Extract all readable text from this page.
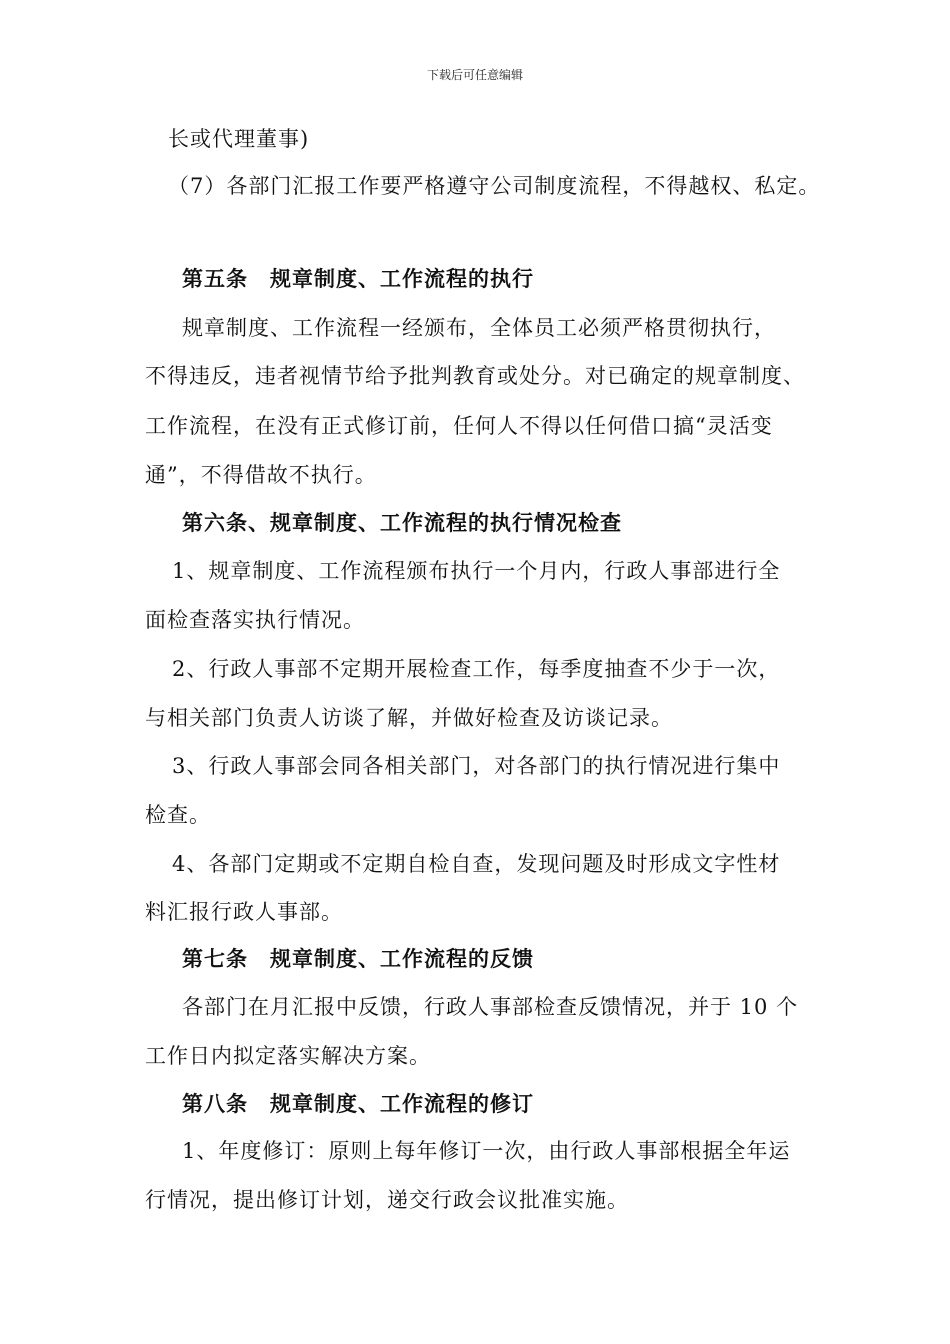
下载后可任意编辑
长或代理董事)
（7）各部门汇报工作要严格遵守公司制度流程，不得越权、私定。
第五条　规章制度、工作流程的执行
规章制度、工作流程一经颁布，全体员工必须严格贯彻执行，
不得违反，违者视情节给予批判教育或处分。对已确定的规章制度、
工作流程，在没有正式修订前，任何人不得以任何借口搞“灵活变
通”，不得借故不执行。
第六条、规章制度、工作流程的执行情况检查
1、规章制度、工作流程颁布执行一个月内，行政人事部进行全
面检查落实执行情况。
2、行政人事部不定期开展检查工作，每季度抽查不少于一次，
与相关部门负责人访谈了解，并做好检查及访谈记录。
3、行政人事部会同各相关部门，对各部门的执行情况进行集中
检查。
4、各部门定期或不定期自检自查，发现问题及时形成文字性材
料汇报行政人事部。
第七条　规章制度、工作流程的反馈
各部门在月汇报中反馈，行政人事部检查反馈情况，并于 10 个
工作日内拟定落实解决方案。
第八条　规章制度、工作流程的修订
1、年度修订：原则上每年修订一次，由行政人事部根据全年运
行情况，提出修订计划，递交行政会议批准实施。
